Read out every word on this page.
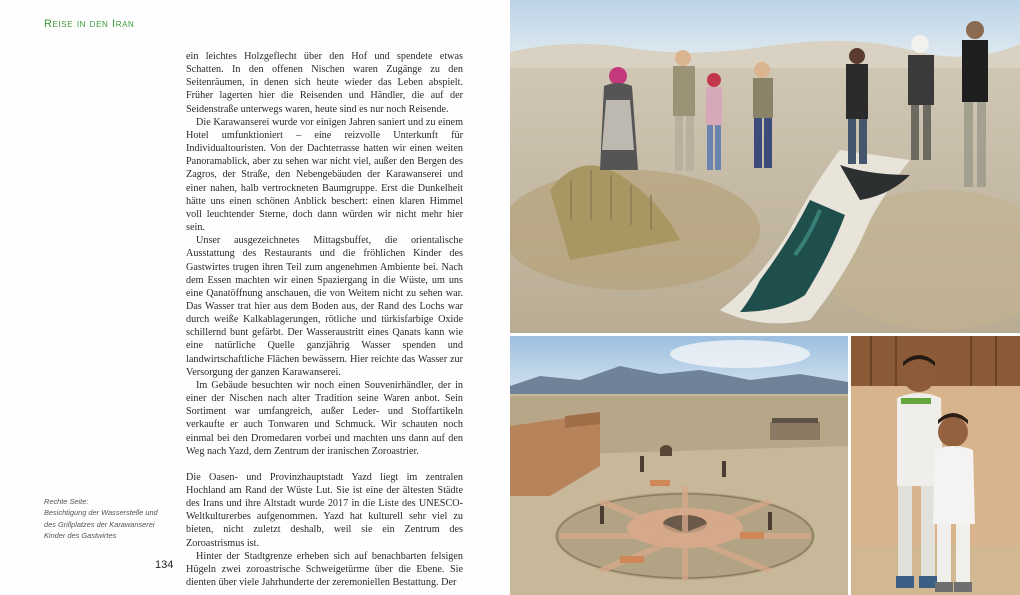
Reise in den Iran

ein leichtes Holzgeflecht über den Hof und spendete etwas Schatten. In den offenen Nischen waren Zugänge zu den Seitenräumen, in denen sich heute wieder das Leben abspielt. Früher lagerten hier die Reisenden und Händler, die auf der Seidenstraße unterwegs waren, heute sind es nur noch Reisende.

Die Karawanserei wurde vor einigen Jahren saniert und zu einem Hotel umfunktioniert – eine reizvolle Unterkunft für Individualtouristen. Von der Dachterrasse hatten wir einen weiten Panoramablick, aber zu sehen war nicht viel, außer den Bergen des Zagros, der Straße, den Nebengebäuden der Karawanserei und einer nahen, halb vertrockneten Baumgruppe. Erst die Dunkelheit hätte uns einen schönen Anblick beschert: einen klaren Himmel voll leuchtender Sterne, doch dann würden wir nicht mehr hier sein.

Unser ausgezeichnetes Mittagsbuffet, die orientalische Ausstattung des Restaurants und die fröhlichen Kinder des Gastwirtes trugen ihren Teil zum angenehmen Ambiente bei. Nach dem Essen machten wir einen Spaziergang in die Wüste, um uns eine Qanatöffnung anschauen, die von Weitem nicht zu sehen war. Das Wasser trat hier aus dem Boden aus, der Rand des Lochs war durch weiße Kalkablagerungen, rötliche und türkisfarbige Oxide schillernd bunt gefärbt. Der Wasseraustritt eines Qanats kann wie eine natürliche Quelle ganzjährig Wasser spenden und landwirtschaftliche Flächen bewässern. Hier reichte das Wasser zur Versorgung der ganzen Karawanserei.

Im Gebäude besuchten wir noch einen Souvenirhändler, der in einer der Nischen nach alter Tradition seine Waren anbot. Sein Sortiment war umfangreich, außer Leder- und Stoffartikeln verkaufte er auch Tonwaren und Schmuck. Wir schauten noch einmal bei den Dromedaren vorbei und machten uns dann auf den Weg nach Yazd, dem Zentrum der iranischen Zoroastrier.

Die Oasen- und Provinzhauptstadt Yazd liegt im zentralen Hochland am Rand der Wüste Lut. Sie ist eine der ältesten Städte des Irans und ihre Altstadt wurde 2017 in die Liste des UNESCO-Weltkulturerbes aufgenommen. Yazd hat kulturell sehr viel zu bieten, nicht zuletzt deshalb, weil sie ein Zentrum des Zoroastrismus ist.

Hinter der Stadtgrenze erheben sich auf benachbarten felsigen Hügeln zwei zoroastrische Schweigetürme über die Ebene. Sie dienten über viele Jahrhunderte der zeremoniellen Bestattung. Der

Rechte Seite:
Besichtigung der Wasserstelle und
des Grillplatzes der Karawanserei
Kinder des Gastwirtes
134
